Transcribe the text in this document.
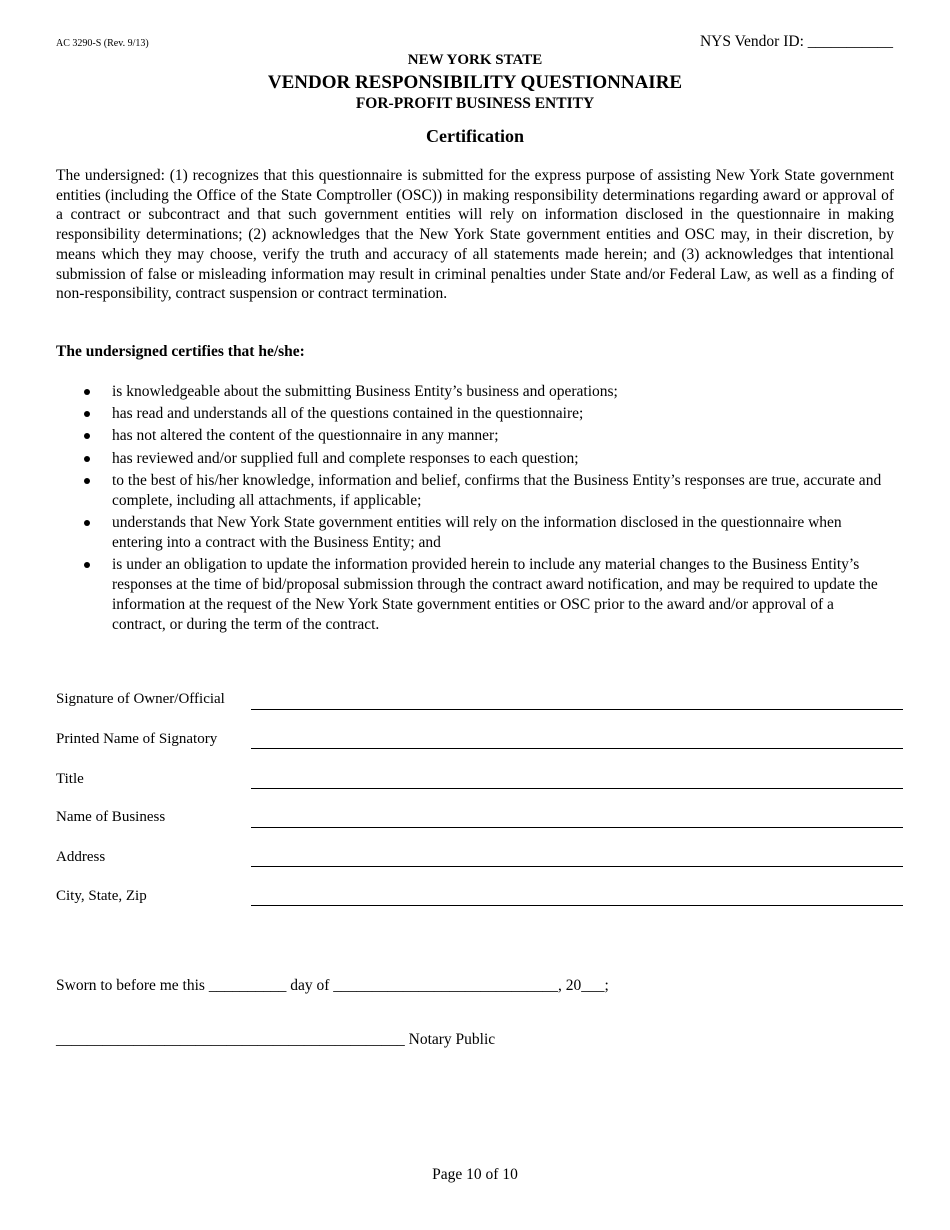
AC 3290-S (Rev. 9/13)	NYS Vendor ID: ___________
NEW YORK STATE
VENDOR RESPONSIBILITY QUESTIONNAIRE
FOR-PROFIT BUSINESS ENTITY
Certification
The undersigned: (1) recognizes that this questionnaire is submitted for the express purpose of assisting New York State government entities (including the Office of the State Comptroller (OSC)) in making responsibility determinations regarding award or approval of a contract or subcontract and that such government entities will rely on information disclosed in the questionnaire in making responsibility determinations; (2) acknowledges that the New York State government entities and OSC may, in their discretion, by means which they may choose, verify the truth and accuracy of all statements made herein; and (3) acknowledges that intentional submission of false or misleading information may result in criminal penalties under State and/or Federal Law, as well as a finding of non-responsibility, contract suspension or contract termination.
The undersigned certifies that he/she:
is knowledgeable about the submitting Business Entity’s business and operations;
has read and understands all of the questions contained in the questionnaire;
has not altered the content of the questionnaire in any manner;
has reviewed and/or supplied full and complete responses to each question;
to the best of his/her knowledge, information and belief, confirms that the Business Entity’s responses are true, accurate and complete, including all attachments, if applicable;
understands that New York State government entities will rely on the information disclosed in the questionnaire when entering into a contract with the Business Entity; and
is under an obligation to update the information provided herein to include any material changes to the Business Entity’s responses at the time of bid/proposal submission through the contract award notification, and may be required to update the information at the request of the New York State government entities or OSC prior to the award and/or approval of a contract, or during the term of the contract.
Signature of Owner/Official
Printed Name of Signatory
Title
Name of Business
Address
City, State, Zip
Sworn to before me this __________ day of _____________________________, 20___;
_____________________________________________ Notary Public
Page 10 of 10
